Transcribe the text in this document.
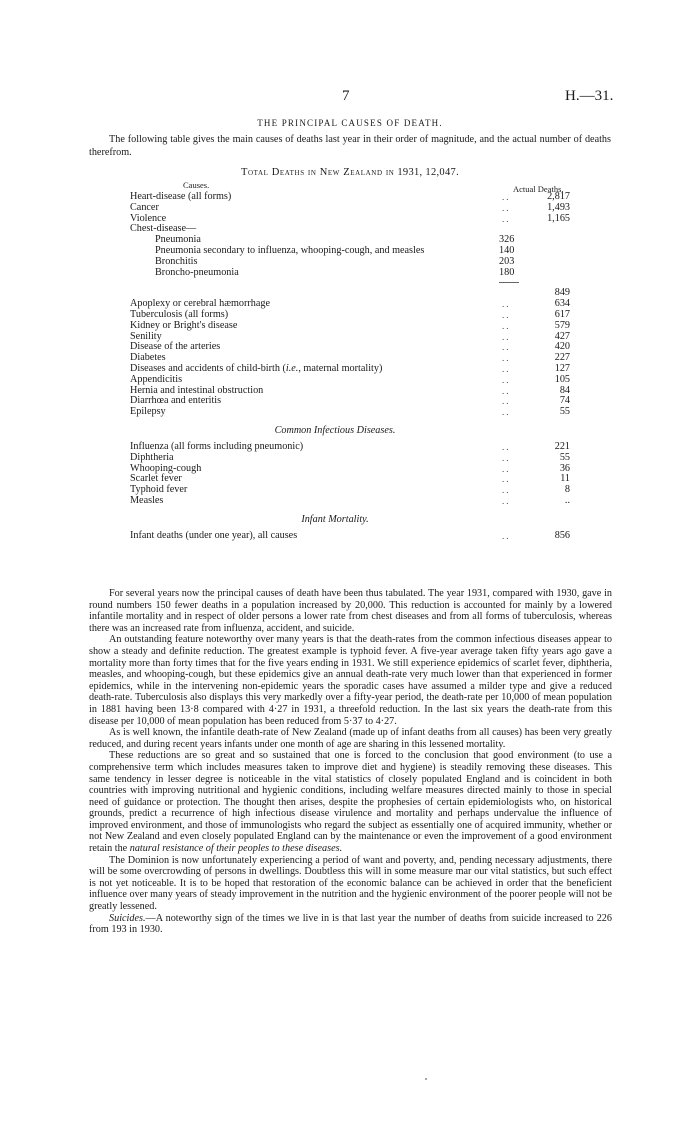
7	H.—31.
THE PRINCIPAL CAUSES OF DEATH.

The following table gives the main causes of deaths last year in their order of magnitude, and the actual number of deaths therefrom.

Total Deaths in New Zealand in 1931, 12,047.
Causes.	Actual Deaths.
Heart-disease (all forms)	..	2,817
Cancer	..	1,493
Violence	..	1,165
Chest-disease—
Pneumonia	326
Pneumonia secondary to influenza, whooping-cough, and measles	140
Bronchitis	203
Broncho-pneumonia	180
849
Apoplexy or cerebral hæmorrhage	..	634
Tuberculosis (all forms)	..	617
Kidney or Bright's disease	..	579
Senility	..	427
Disease of the arteries	..	420
Diabetes	..	227
Diseases and accidents of child-birth (i.e., maternal mortality)	..	127
Appendicitis	..	105
Hernia and intestinal obstruction	..	84
Diarrhœa and enteritis	..	74
Epilepsy	..	55
Common Infectious Diseases.
Influenza (all forms including pneumonic)	..	221
Diphtheria	..	55
Whooping-cough	..	36
Scarlet fever	..	11
Typhoid fever	..	8
Measles	..	..
Infant Mortality.
Infant deaths (under one year), all causes	..	856

For several years now the principal causes of death have been thus tabulated. The year 1931, compared with 1930, gave in round numbers 150 fewer deaths in a population increased by 20,000. This reduction is accounted for mainly by a lowered infantile mortality and in respect of older persons a lower rate from chest diseases and from all forms of tuberculosis, whereas there was an increased rate from influenza, accident, and suicide.

An outstanding feature noteworthy over many years is that the death-rates from the common infectious diseases appear to show a steady and definite reduction. The greatest example is typhoid fever. A five-year average taken fifty years ago gave a mortality more than forty times that for the five years ending in 1931. We still experience epidemics of scarlet fever, diphtheria, measles, and whooping-cough, but these epidemics give an annual death-rate very much lower than that experienced in former epidemics, while in the intervening non-epidemic years the sporadic cases have assumed a milder type and give a reduced death-rate. Tuberculosis also displays this very markedly over a fifty-year period, the death-rate per 10,000 of mean population in 1881 having been 13·8 compared with 4·27 in 1931, a threefold reduction. In the last six years the death-rate from this disease per 10,000 of mean population has been reduced from 5·37 to 4·27.

As is well known, the infantile death-rate of New Zealand (made up of infant deaths from all causes) has been very greatly reduced, and during recent years infants under one month of age are sharing in this lessened mortality.

These reductions are so great and so sustained that one is forced to the conclusion that good environment (to use a comprehensive term which includes measures taken to improve diet and hygiene) is steadily removing these diseases. This same tendency in lesser degree is noticeable in the vital statistics of closely populated England and is coincident in both countries with improving nutritional and hygienic conditions, including welfare measures directed mainly to those in special need of guidance or protection. The thought then arises, despite the prophesies of certain epidemiologists who, on historical grounds, predict a recurrence of high infectious disease virulence and mortality and perhaps undervalue the influence of improved environment, and those of immunologists who regard the subject as essentially one of acquired immunity, whether or not New Zealand and even closely populated England can by the maintenance or even the improvement of a good environment retain the natural resistance of their peoples to these diseases.

The Dominion is now unfortunately experiencing a period of want and poverty, and, pending necessary adjustments, there will be some overcrowding of persons in dwellings. Doubtless this will in some measure mar our vital statistics, but such effect is not yet noticeable. It is to be hoped that restoration of the economic balance can be achieved in order that the beneficient influence over many years of steady improvement in the nutrition and the hygienic environment of the poorer people will not be greatly lessened.

Suicides.—A noteworthy sign of the times we live in is that last year the number of deaths from suicide increased to 226 from 193 in 1930.
